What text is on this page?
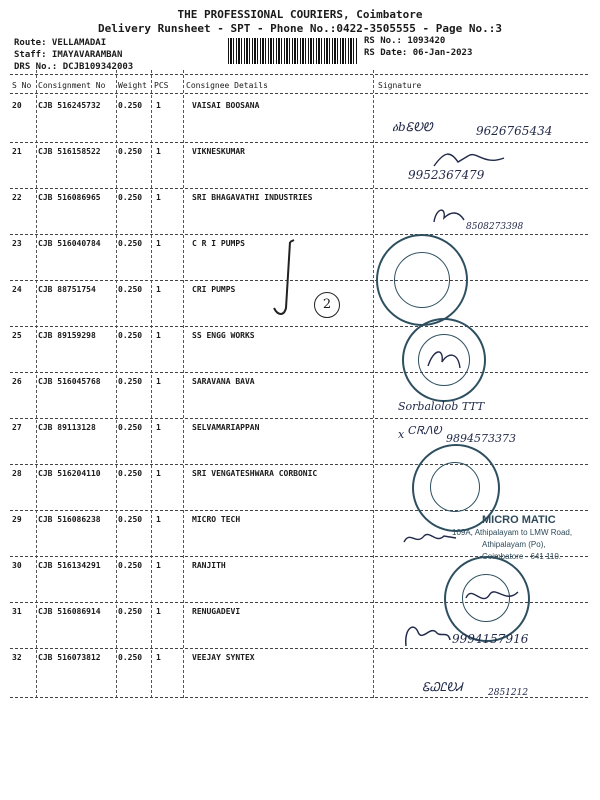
THE PROFESSIONAL COURIERS, Coimbatore
Delivery Runsheet - SPT - Phone No.:0422-3505555 - Page No.:3
Route: VELLAMADAI
Staff: IMAYAVARAMBAN
DRS No.: DCJB109342003
RS No.: 1093420
RS Date: 06-Jan-2023
S No Consignment No Weight PCS Consignee Details	Signature
20 CJB 516245732 0.250 1	VAISAI BOOSANA
21 CJB 516158522 0.250 1	VIKNESKUMAR
22 CJB 516086965 0.250 1	SRI BHAGAVATHI INDUSTRIES
23 CJB 516040784 0.250 1	C R I PUMPS
24 CJB 88751754	0.250 1	CRI PUMPS
25 CJB 89159298	0.250 1	SS ENGG WORKS
26 CJB 516045768 0.250 1	SARAVANA BAVA
27 CJB 89113128	0.250 1	SELVAMARIAPPAN
28 CJB 516204110 0.250 1	SRI VENGATESHWARA CORBONIC
29 CJB 516086238 0.250 1	MICRO TECH
30 CJB 516134291 0.250 1	RANJITH
31 CJB 516086914 0.250 1	RENUGADEVI
32 CJB 516073812 0.250 1	VEEJAY SYNTEX
ዕbᏋᎧᏬ	9626765434
9952367479
8508273398
2
Sorbalolob TTT
x CᏒᏁᎧ
9894573373
MICRO MATIC
109A, Athipalayam to LMW Road,
Athipalayam (Po),
Coimbatore - 641 110.
9994157916
ᏋᏇᏝᎧᏗ	2851212
